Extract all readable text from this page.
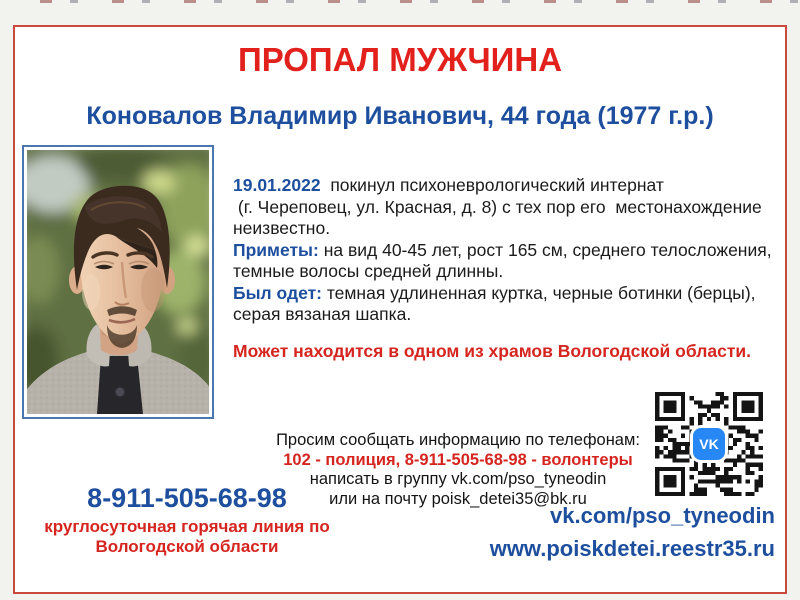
ПРОПАЛ МУЖЧИНА
Коновалов Владимир Иванович, 44 года (1977 г.р.)
19.01.2022  покинул психоневрологический интернат
(г. Череповец, ул. Красная, д. 8) с тех пор его  местонахождение
неизвестно.
Приметы: на вид 40-45 лет, рост 165 см, среднего телосложения,
темные волосы средней длинны.
Был одет: темная удлиненная куртка, черные ботинки (берцы),
серая вязаная шапка.
Может находится в одном из храмов Вологодской области.
Просим сообщать информацию по телефонам:
102 - полиция, 8-911-505-68-98 - волонтеры
написать в группу vk.com/pso_tyneodin
или на почту poisk_detei35@bk.ru
VK
8-911-505-68-98
круглосуточная горячая линия по Вологодской области
vk.com/pso_tyneodin
www.poiskdetei.reestr35.ru
